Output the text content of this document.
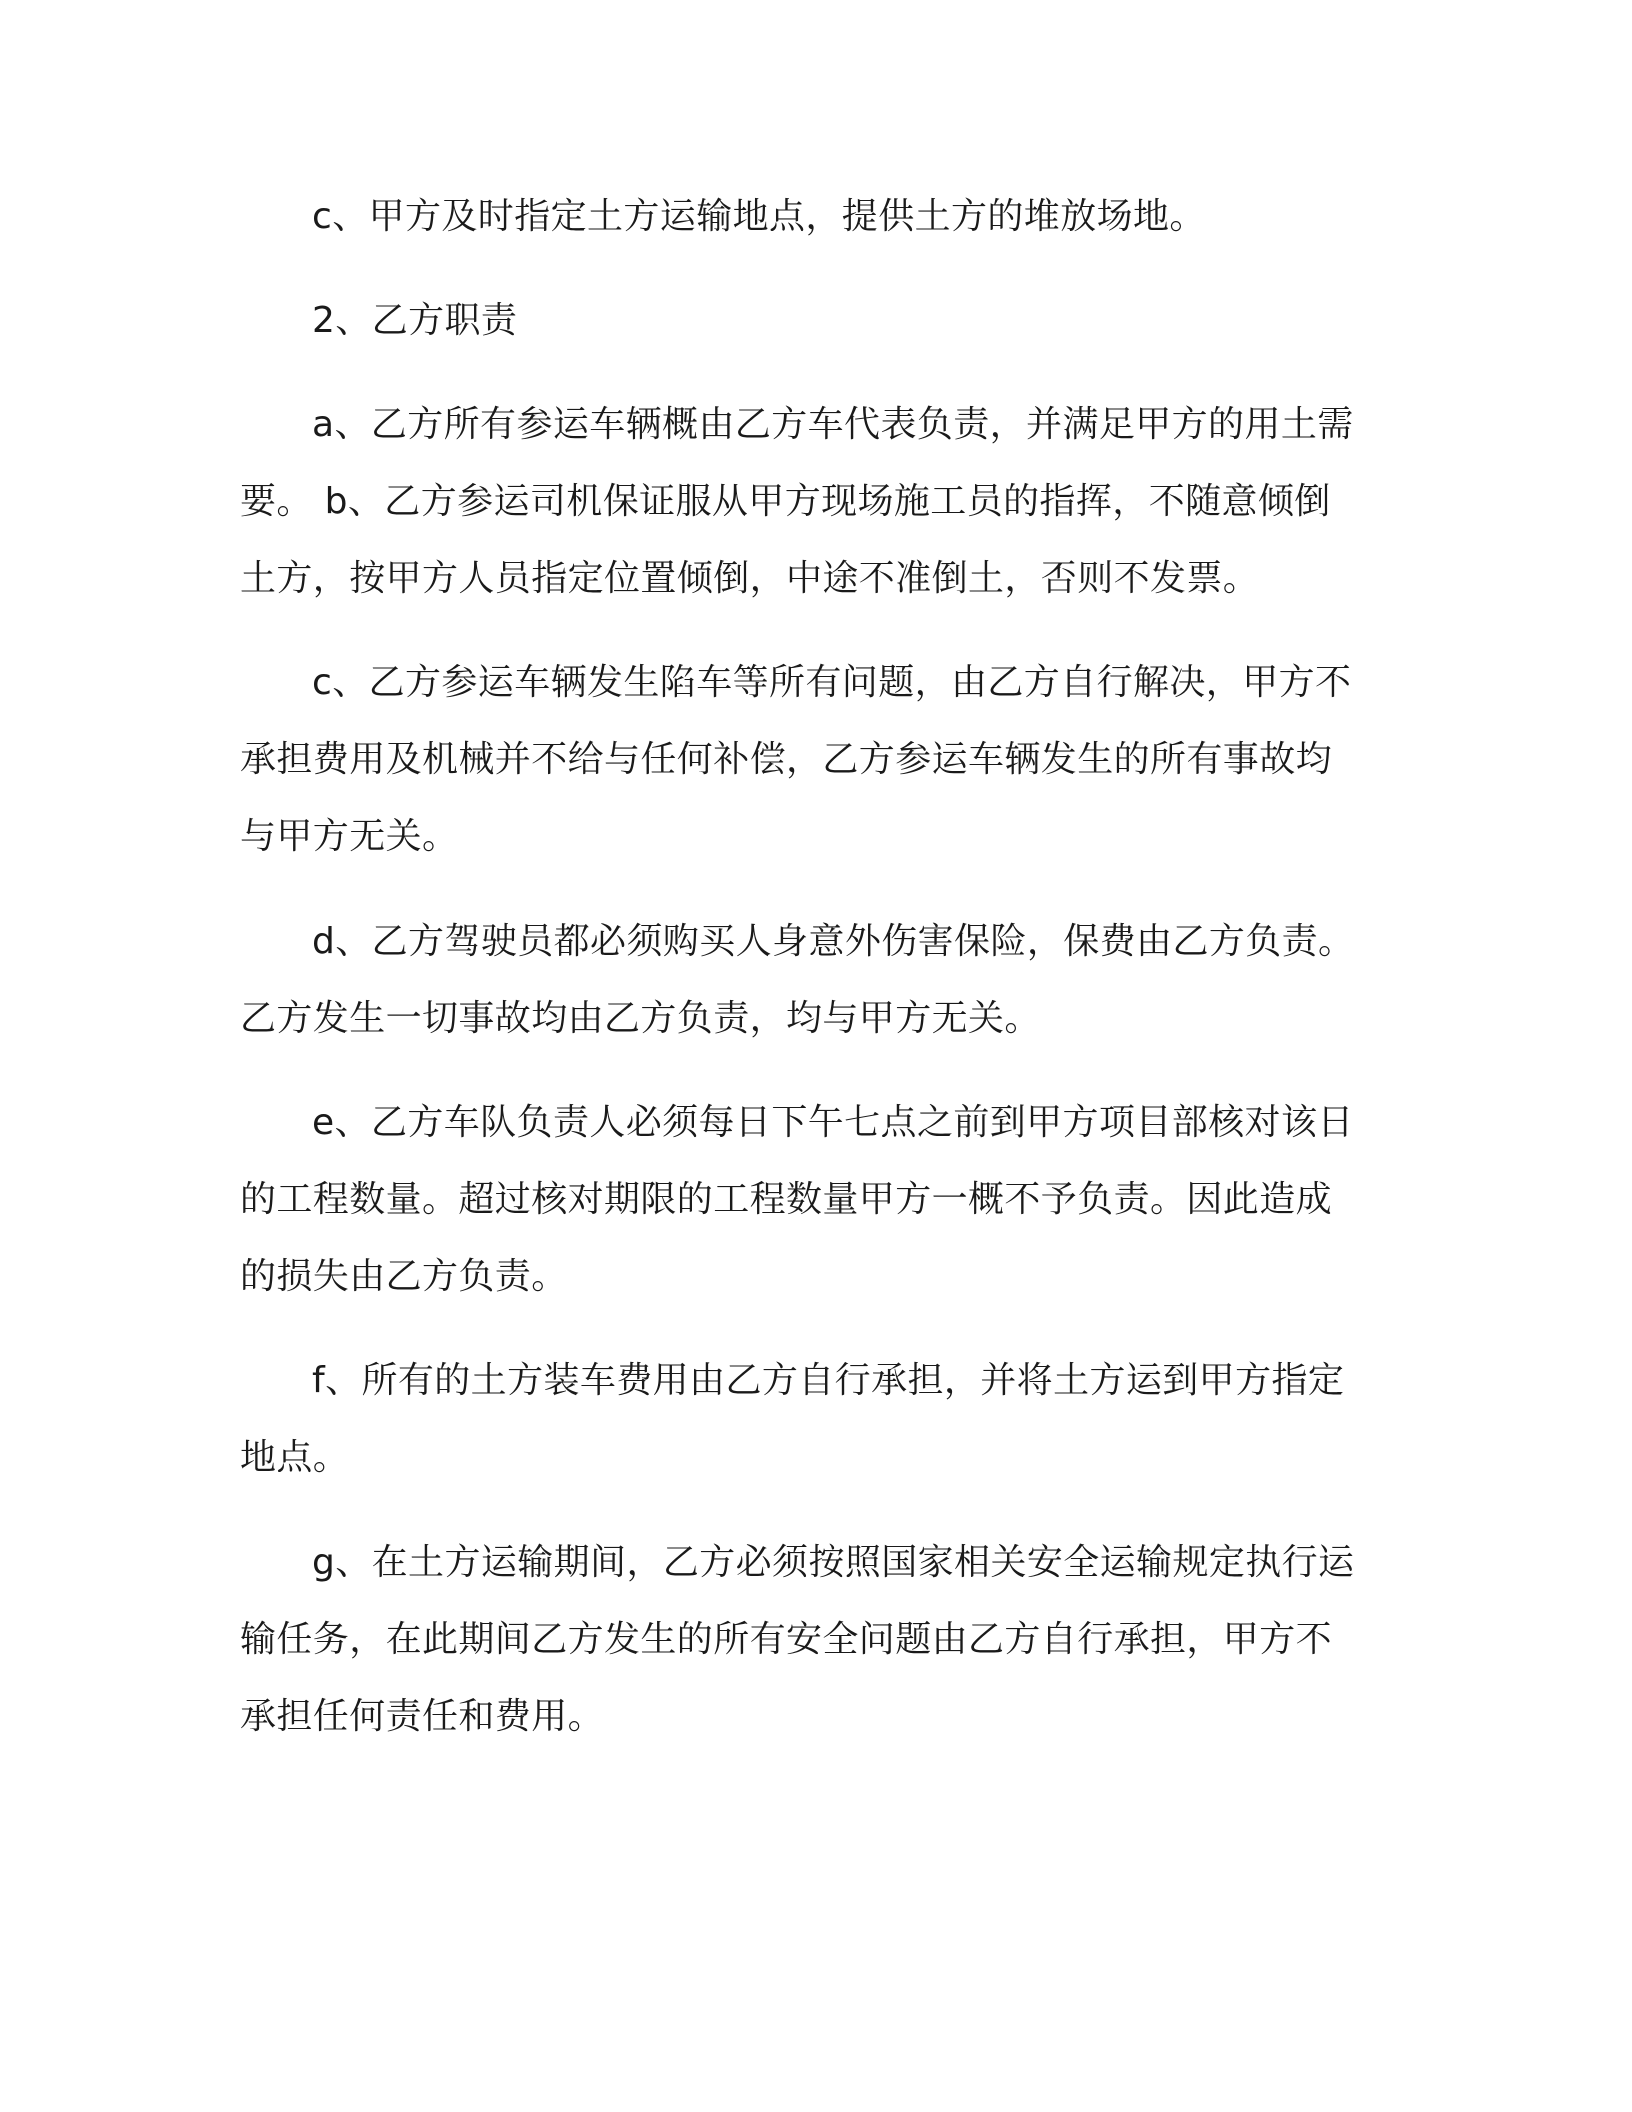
c、甲方及时指定土方运输地点，提供土方的堆放场地。
2、乙方职责
a、乙方所有参运车辆概由乙方车代表负责，并满足甲方的用土需
要。 b、乙方参运司机保证服从甲方现场施工员的指挥，不随意倾倒
土方，按甲方人员指定位置倾倒，中途不准倒土，否则不发票。
c、乙方参运车辆发生陷车等所有问题，由乙方自行解决，甲方不
承担费用及机械并不给与任何补偿，乙方参运车辆发生的所有事故均
与甲方无关。
d、乙方驾驶员都必须购买人身意外伤害保险，保费由乙方负责。
乙方发生一切事故均由乙方负责，均与甲方无关。
e、乙方车队负责人必须每日下午七点之前到甲方项目部核对该日
的工程数量。超过核对期限的工程数量甲方一概不予负责。因此造成
的损失由乙方负责。
f、所有的土方装车费用由乙方自行承担，并将土方运到甲方指定
地点。
g、在土方运输期间，乙方必须按照国家相关安全运输规定执行运
输任务，在此期间乙方发生的所有安全问题由乙方自行承担，甲方不
承担任何责任和费用。
